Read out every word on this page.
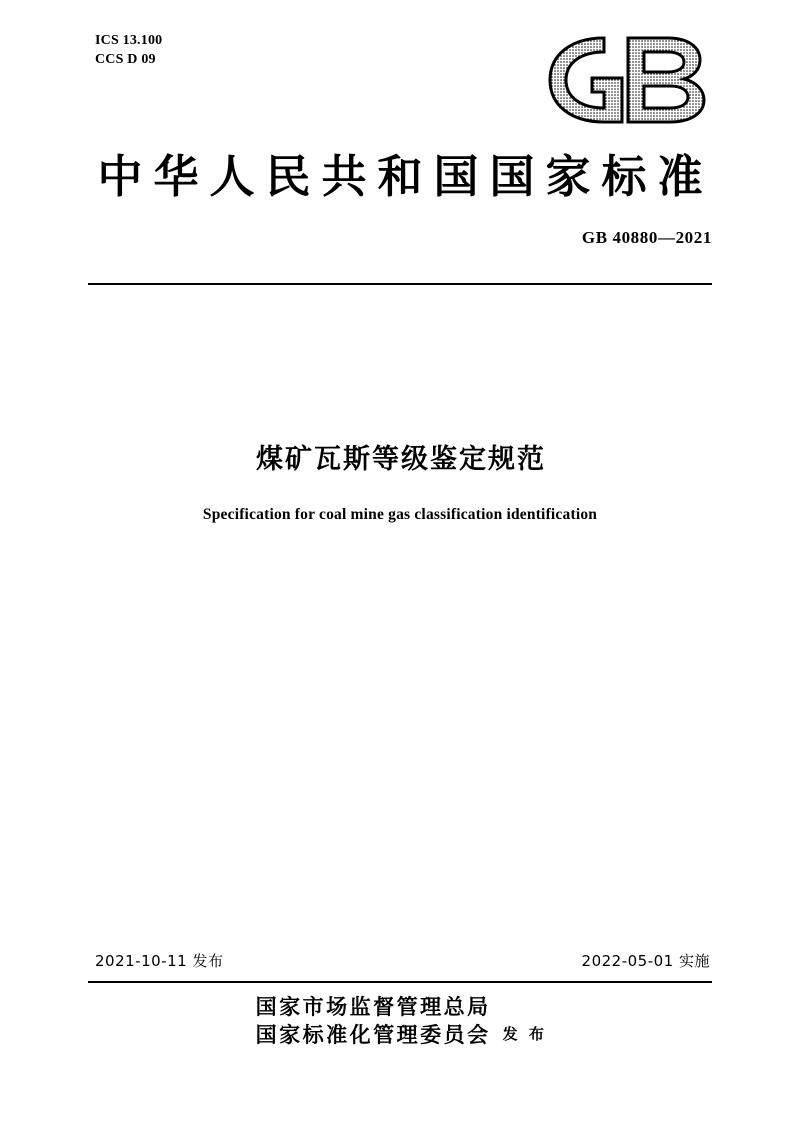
ICS 13.100
CCS D 09
中华人民共和国国家标准
GB 40880—2021
煤矿瓦斯等级鉴定规范
Specification for coal mine gas classification identification
2021-10-11 发布	2022-05-01 实施
国家市场监督管理总局
国家标准化管理委员会 发 布
